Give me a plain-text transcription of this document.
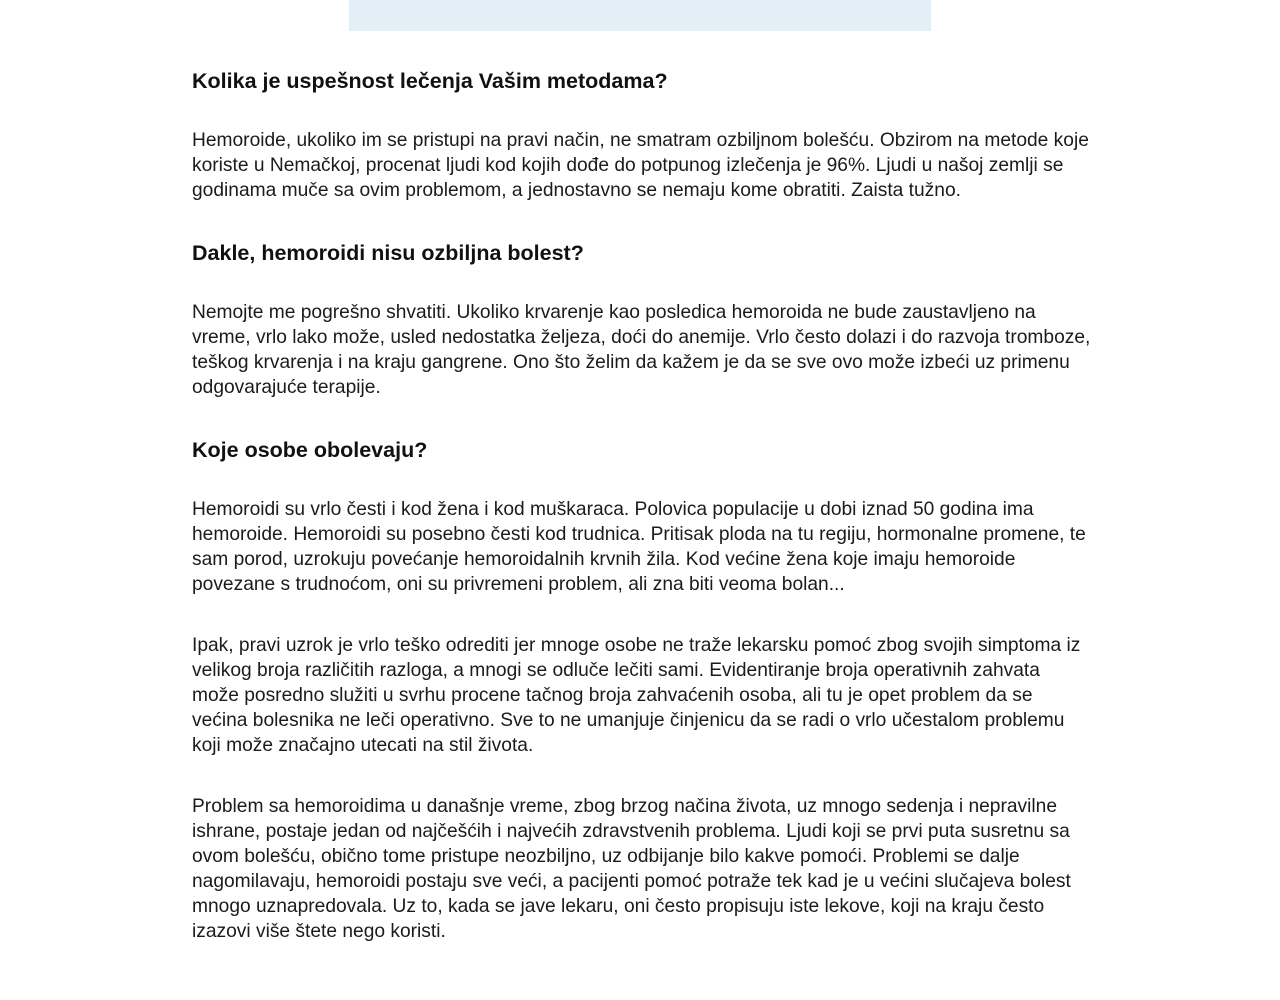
Kolika je uspešnost lečenja Vašim metodama?

Hemoroide, ukoliko im se pristupi na pravi način, ne smatram ozbiljnom bolešću. Obzirom na metode koje koriste u Nemačkoj, procenat ljudi kod kojih dođe do potpunog izlečenja je 96%. Ljudi u našoj zemlji se godinama muče sa ovim problemom, a jednostavno se nemaju kome obratiti. Zaista tužno.

Dakle, hemoroidi nisu ozbiljna bolest?

Nemojte me pogrešno shvatiti. Ukoliko krvarenje kao posledica hemoroida ne bude zaustavljeno na vreme, vrlo lako može, usled nedostatka željeza, doći do anemije. Vrlo često dolazi i do razvoja tromboze, teškog krvarenja i na kraju gangrene. Ono što želim da kažem je da se sve ovo može izbeći uz primenu odgovarajuće terapije.

Koje osobe obolevaju?

Hemoroidi su vrlo česti i kod žena i kod muškaraca. Polovica populacije u dobi iznad 50 godina ima hemoroide. Hemoroidi su posebno česti kod trudnica. Pritisak ploda na tu regiju, hormonalne promene, te sam porod, uzrokuju povećanje hemoroidalnih krvnih žila. Kod većine žena koje imaju hemoroide povezane s trudnoćom, oni su privremeni problem, ali zna biti veoma bolan...

Ipak, pravi uzrok je vrlo teško odrediti jer mnoge osobe ne traže lekarsku pomoć zbog svojih simptoma iz velikog broja različitih razloga, a mnogi se odluče lečiti sami. Evidentiranje broja operativnih zahvata može posredno služiti u svrhu procene tačnog broja zahvaćenih osoba, ali tu je opet problem da se većina bolesnika ne leči operativno. Sve to ne umanjuje činjenicu da se radi o vrlo učestalom problemu koji može značajno utecati na stil života.

Problem sa hemoroidima u današnje vreme, zbog brzog načina života, uz mnogo sedenja i nepravilne ishrane, postaje jedan od najčešćih i najvećih zdravstvenih problema. Ljudi koji se prvi puta susretnu sa ovom bolešću, obično tome pristupe neozbiljno, uz odbijanje bilo kakve pomoći. Problemi se dalje nagomilavaju, hemoroidi postaju sve veći, a pacijenti pomoć potraže tek kad je u većini slučajeva bolest mnogo uznapredovala. Uz to, kada se jave lekaru, oni često propisuju iste lekove, koji na kraju često izazovi više štete nego koristi.
